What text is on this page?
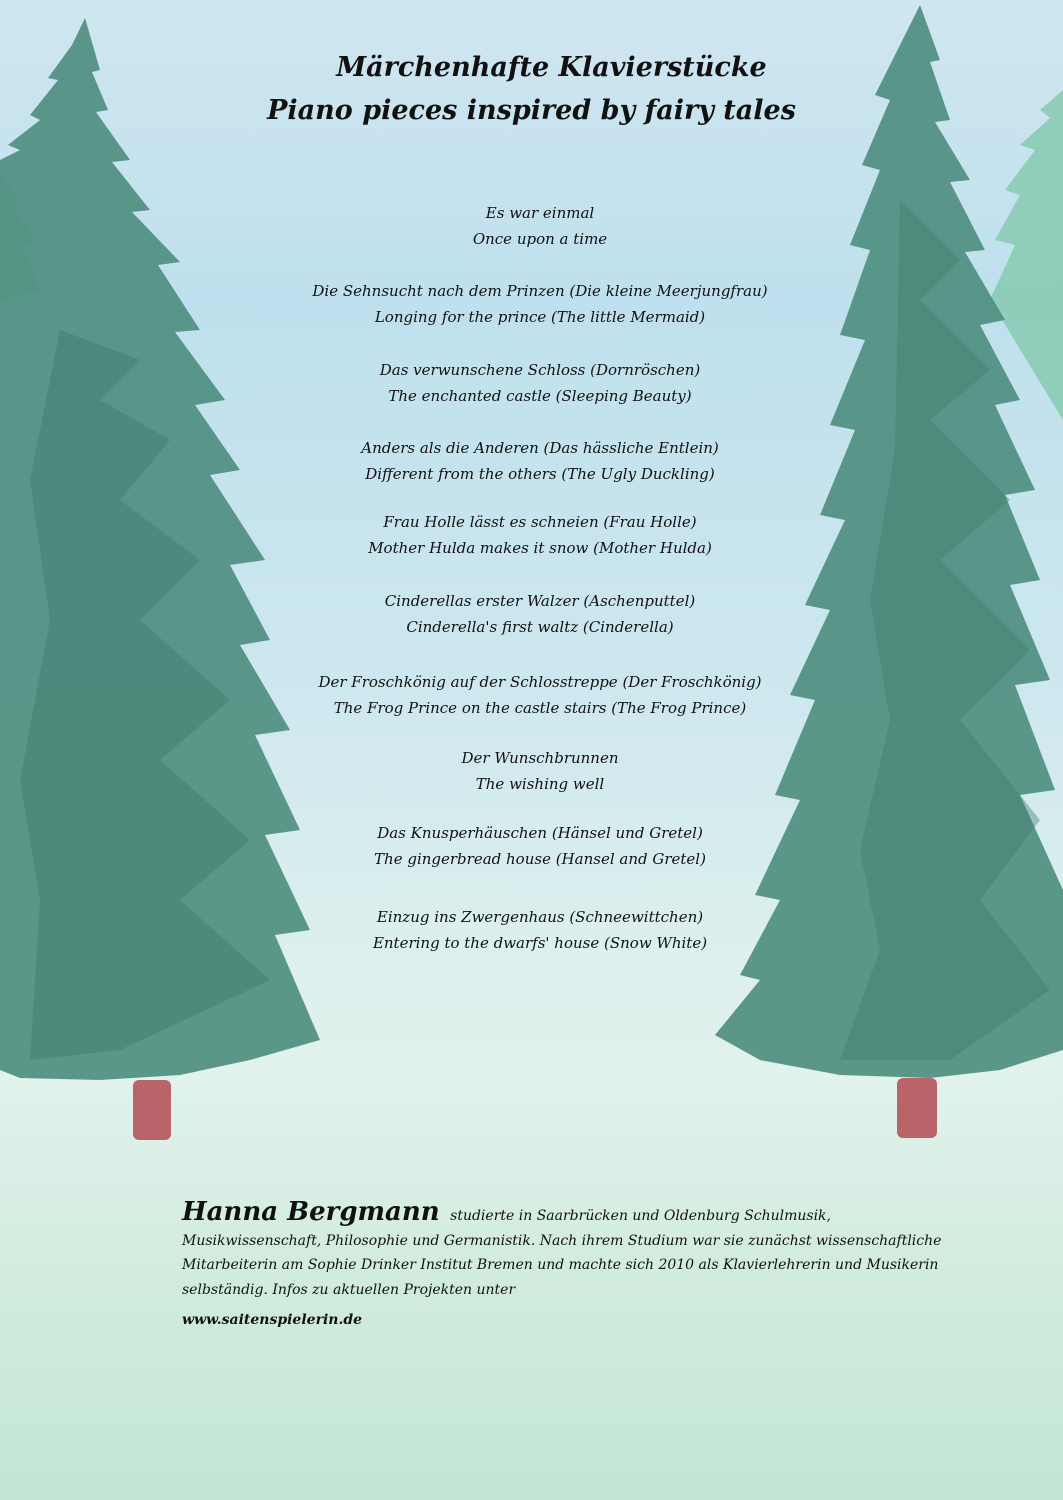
Märchenhafte Klavierstücke
Piano pieces inspired by fairy tales
Es war einmal
Once upon a time
Die Sehnsucht nach dem Prinzen (Die kleine Meerjungfrau)
Longing for the prince (The little Mermaid)
Das verwunschene Schloss (Dornröschen)
The enchanted castle (Sleeping Beauty)
Anders als die Anderen (Das hässliche Entlein)
Different from the others (The Ugly Duckling)
Frau Holle lässt es schneien (Frau Holle)
Mother Hulda makes it snow (Mother Hulda)
Cinderellas erster Walzer (Aschenputtel)
Cinderella's first waltz (Cinderella)
Der Froschkönig auf der Schlosstreppe (Der Froschkönig)
The Frog Prince on the castle stairs (The Frog Prince)
Der Wunschbrunnen
The wishing well
Das Knusperhäuschen (Hänsel und Gretel)
The gingerbread house (Hansel and Gretel)
Einzug ins Zwergenhaus (Schneewittchen)
Entering to the dwarfs' house (Snow White)
Hanna Bergmann studierte in Saarbrücken und Oldenburg Schulmusik, Musikwissenschaft, Philosophie und Germanistik. Nach ihrem Studium war sie zunächst wissenschaftliche Mitarbeiterin am Sophie Drinker Institut Bremen und machte sich 2010 als Klavierlehrerin und Musikerin selbständig. Infos zu aktuellen Projekten unter
www.saitenspielerin.de
